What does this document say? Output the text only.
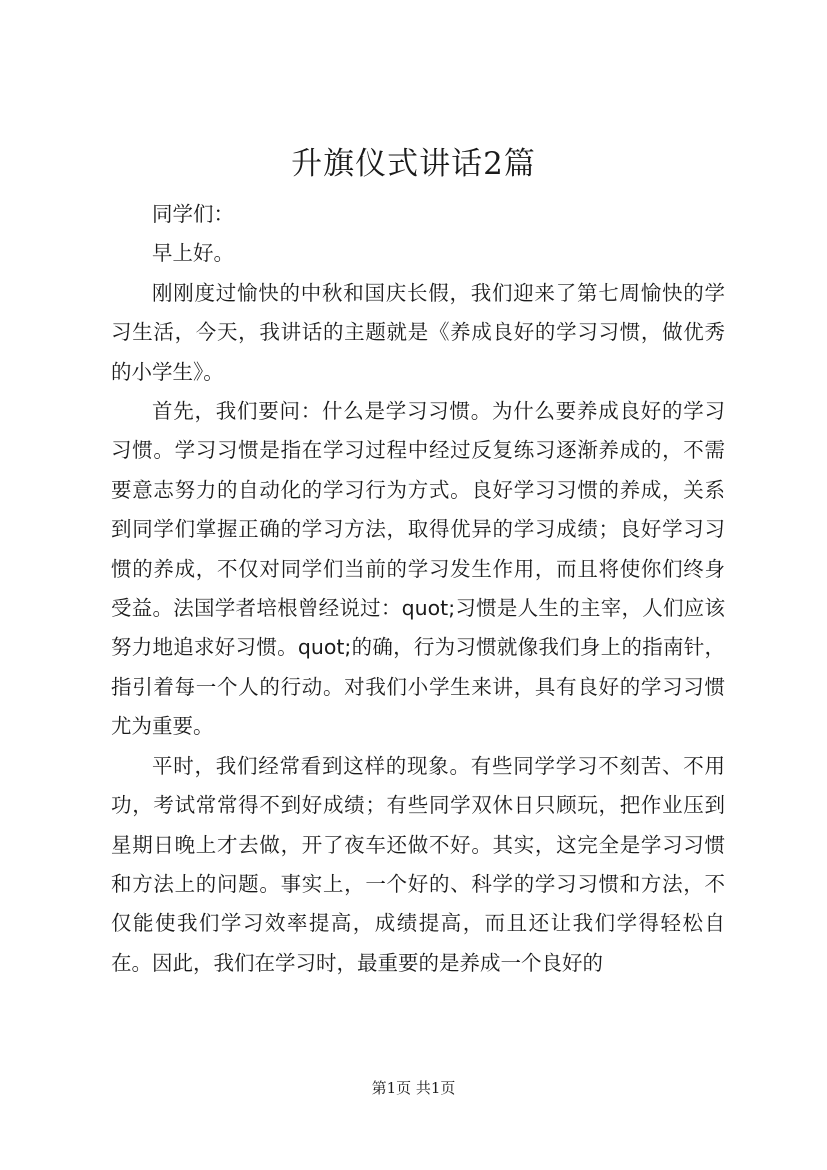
升旗仪式讲话2篇

同学们：

早上好。

刚刚度过愉快的中秋和国庆长假，我们迎来了第七周愉快的学习生活，今天，我讲话的主题就是《养成良好的学习习惯，做优秀的小学生》。

首先，我们要问：什么是学习习惯。为什么要养成良好的学习习惯。学习习惯是指在学习过程中经过反复练习逐渐养成的，不需要意志努力的自动化的学习行为方式。良好学习习惯的养成，关系到同学们掌握正确的学习方法，取得优异的学习成绩；良好学习习惯的养成，不仅对同学们当前的学习发生作用，而且将使你们终身受益。法国学者培根曾经说过：quot;习惯是人生的主宰，人们应该努力地追求好习惯。quot;的确，行为习惯就像我们身上的指南针，指引着每一个人的行动。对我们小学生来讲，具有良好的学习习惯尤为重要。

平时，我们经常看到这样的现象。有些同学学习不刻苦、不用功，考试常常得不到好成绩；有些同学双休日只顾玩，把作业压到星期日晚上才去做，开了夜车还做不好。其实，这完全是学习习惯和方法上的问题。事实上，一个好的、科学的学习习惯和方法，不仅能使我们学习效率提高，成绩提高，而且还让我们学得轻松自在。因此，我们在学习时，最重要的是养成一个良好的

第1页 共1页
